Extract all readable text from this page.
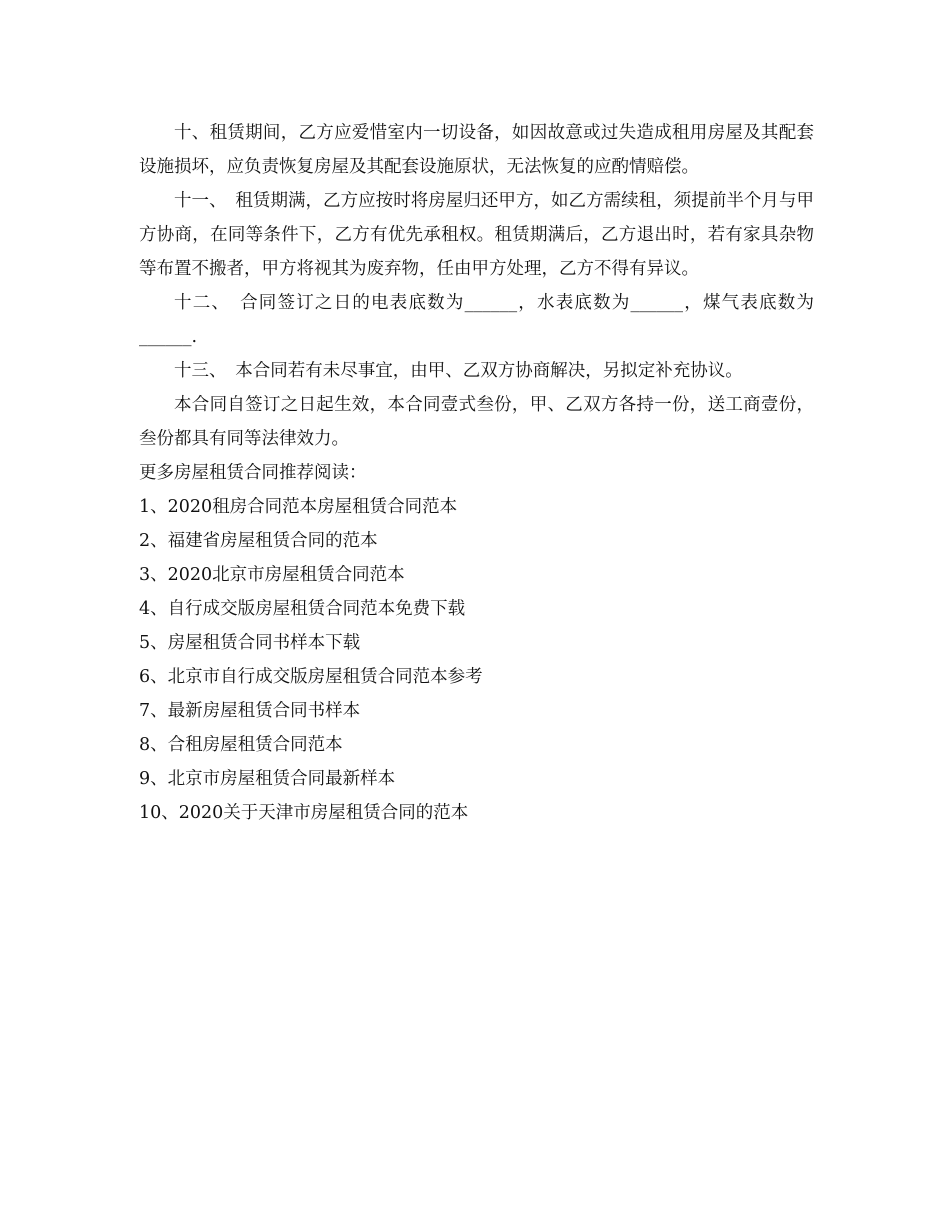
十、租赁期间，乙方应爱惜室内一切设备，如因故意或过失造成租用房屋及其配套设施损坏，应负责恢复房屋及其配套设施原状，无法恢复的应酌情赔偿。

十一、　租赁期满，乙方应按时将房屋归还甲方，如乙方需续租，须提前半个月与甲方协商，在同等条件下，乙方有优先承租权。租赁期满后，乙方退出时，若有家具杂物等布置不搬者，甲方将视其为废弃物，任由甲方处理，乙方不得有异议。

十二、　合同签订之日的电表底数为______，水表底数为______，煤气表底数为______.

十三、　本合同若有未尽事宜，由甲、乙双方协商解决，另拟定补充协议。

本合同自签订之日起生效，本合同壹式叁份，甲、乙双方各持一份，送工商壹份，叁份都具有同等法律效力。

更多房屋租赁合同推荐阅读：

1、2020租房合同范本房屋租赁合同范本
2、福建省房屋租赁合同的范本
3、2020北京市房屋租赁合同范本
4、自行成交版房屋租赁合同范本免费下载
5、房屋租赁合同书样本下载
6、北京市自行成交版房屋租赁合同范本参考
7、最新房屋租赁合同书样本
8、合租房屋租赁合同范本
9、北京市房屋租赁合同最新样本
10、2020关于天津市房屋租赁合同的范本
